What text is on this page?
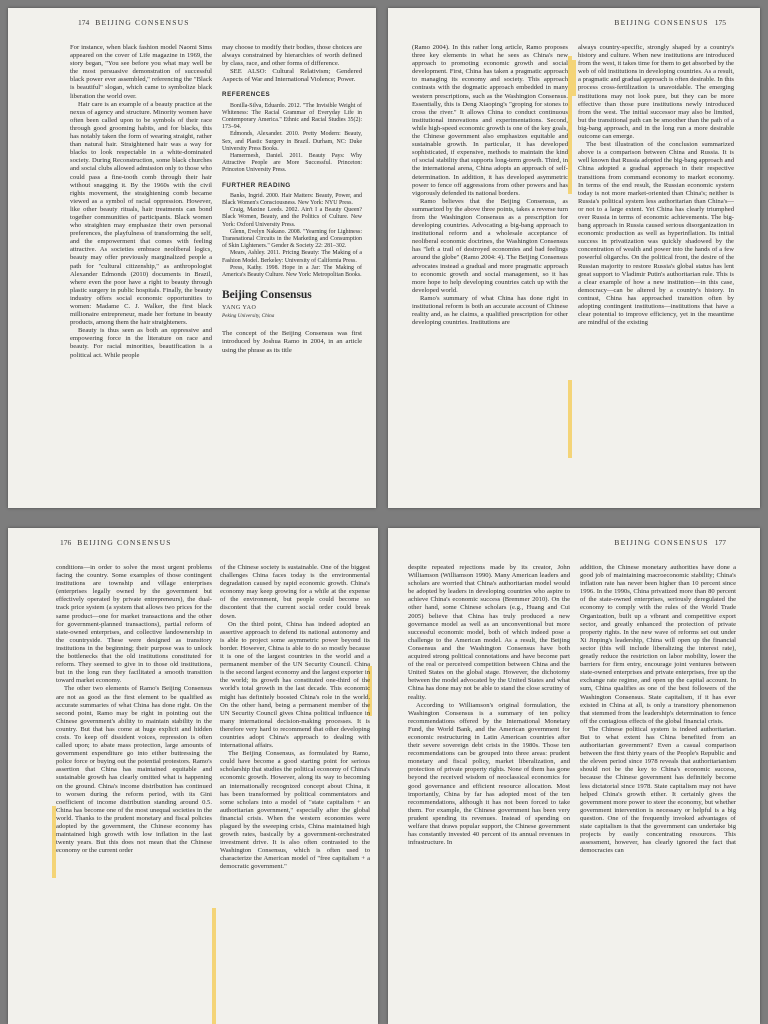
174 BEIJING CONSENSUS

For instance, when black fashion model Naomi Sims appeared on the cover of Life magazine in 1969, the story began, "You see before you what may well be the most persuasive demonstration of successful black power ever assembled," referencing the "Black is beautiful" slogan, which came to symbolize black liberation the world over.

Hair care is an example of a beauty practice at the nexus of agency and structure. Minority women have often been called upon to be symbols of their race through good grooming habits, and for blacks, this has notably taken the form of wearing straight, rather than natural hair. Straightened hair was a way for blacks to look respectable in a white-dominated society. During Reconstruction, some black churches and social clubs allowed admission only to those who could pass a fine-tooth comb through their hair without snagging it. By the 1960s with the civil rights movement, the straightening comb became viewed as a symbol of racial oppression. However, like other beauty rituals, hair treatments can bond together communities of participants. Black women who straighten may emphasize their own personal preferences, the playfulness of transforming the self, and the empowerment that comes with feeling attractive. As societies embrace neoliberal logics, beauty may offer previously marginalized people a path for "cultural citizenship," as anthropologist Alexander Edmonds (2010) documents in Brazil, where even the poor have a right to beauty through plastic surgery in public hospitals. Finally, the beauty industry offers social economic opportunities to women: Madame C. J. Walker, the first black millionaire entrepreneur, made her fortune in beauty products, among them the hair straighteners.

Beauty is thus seen as both an oppressive and empowering force in the literature on race and beauty. For racial minorities, beautification is a political act. While people

may choose to modify their bodies, those choices are always constrained by hierarchies of worth defined by class, race, and other forms of difference.

SEE ALSO: Cultural Relativism; Gendered Aspects of War and International Violence; Power.

REFERENCES

Bonilla-Silva, Eduardo. 2012. "The Invisible Weight of Whiteness: The Racial Grammar of Everyday Life in Contemporary America." Ethnic and Racial Studies 35(2): 173–94.

Edmonds, Alexander. 2010. Pretty Modern: Beauty, Sex, and Plastic Surgery in Brazil. Durham, NC: Duke University Press Books.

Hamermesh, Daniel. 2011. Beauty Pays: Why Attractive People are More Successful. Princeton: Princeton University Press.

FURTHER READING

Banks, Ingrid. 2000. Hair Matters: Beauty, Power, and Black Women's Consciousness. New York: NYU Press.

Craig, Maxine Leeds. 2002. Ain't I a Beauty Queen? Black Women, Beauty, and the Politics of Culture. New York: Oxford University Press.

Glenn, Evelyn Nakano. 2008. "Yearning for Lightness: Transnational Circuits in the Marketing and Consumption of Skin Lighteners." Gender & Society 22: 281–302.

Mears, Ashley. 2011. Pricing Beauty: The Making of a Fashion Model. Berkeley: University of California Press.

Press, Kathy. 1998. Hope in a Jar: The Making of America's Beauty Culture. New York: Metropolitan Books.

Beijing Consensus
YANG YAO
Peking University, China

The concept of the Beijing Consensus was first introduced by Joshua Ramo in 2004, in an article using the phrase as its title

BEIJING CONSENSUS 175

(Ramo 2004). In this rather long article, Ramo proposes three key elements in what he sees as China's new approach to promoting economic growth and social development. First, China has taken a pragmatic approach to managing its economy and society. This approach contrasts with the dogmatic approach embedded in many western prescriptions, such as the Washington Consensus. Essentially, this is Deng Xiaoping's "groping for stones to cross the river." It allows China to conduct continuous institutional innovations and experimentations. Second, while high-speed economic growth is one of the key goals, the Chinese government also emphasizes equitable and sustainable growth. In particular, it has developed sophisticated, if expensive, methods to maintain the kind of social stability that supports long-term growth. Third, in the international arena, China adopts an approach of self-determination. In addition, it has developed asymmetric power to fence off aggressions from other powers and has vigorously defended its national borders.

Ramo believes that the Beijing Consensus, as summarized by the above three points, takes a reverse turn from the Washington Consensus as a prescription for developing countries. Advocating a big-bang approach to institutional reform and a wholesale acceptance of neoliberal economic doctrines, the Washington Consensus has "left a trail of destroyed economies and bad feelings around the globe" (Ramo 2004: 4). The Beijing Consensus advocates instead a gradual and more pragmatic approach to economic growth and social management, so it has more hope to help developing countries catch up with the developed world.

Ramo's summary of what China has done right in institutional reform is both an accurate account of Chinese reality and, as he claims, a qualified prescription for other developing countries. Institutions are

always country-specific, strongly shaped by a country's history and culture. When new institutions are introduced from the west, it takes time for them to get absorbed by the web of old institutions in developing countries. As a result, a pragmatic and gradual approach is often desirable. In this process cross-fertilization is unavoidable. The emerging institutions may not look pure, but they can be more effective than those pure institutions newly introduced from the west. The initial successor may also be limited, but the transitional path can be smoother than the path of a big-bang approach, and in the long run a more desirable outcome can emerge.

The best illustration of the conclusion summarized above is a comparison between China and Russia. It is well known that Russia adopted the big-bang approach and China adopted a gradual approach in their respective transitions from command economy to market economy. In terms of the end result, the Russian economic system today is not more market-oriented than China's; neither is Russia's political system less authoritarian than China's—or not to a large extent. Yet China has clearly triumphed over Russia in terms of economic achievements. The big-bang approach in Russia caused serious disorganization in economic production as well as hyperinflation. Its initial success in privatization was quickly shadowed by the concentration of wealth and power into the hands of a few powerful oligarchs. On the political front, the desire of the Russian majority to restore Russia's global status has lent great support to Vladimir Putin's authoritarian rule. This is a clear example of how a new institution—in this case, democracy—can be altered by a country's history. In contrast, China has approached transition often by adopting contingent institutions—institutions that have a clear potential to improve efficiency, yet in the meantime are mindful of the existing

176 BEIJING CONSENSUS

conditions—in order to solve the most urgent problems facing the country. Some examples of those contingent institutions are township and village enterprises (enterprises legally owned by the government but effectively operated by private entrepreneurs), the dual-track price system (a system that allows two prices for the same product—one for market transactions and the other for government-planned transactions), partial reform of state-owned enterprises, and collective landownership in the countryside. These were designed as transitory institutions in the beginning; their purpose was to unlock the bottlenecks that the old institutions constituted for reform. They seemed to give in to those old institutions, but in the long run they facilitated a smooth transition toward market economy.

The other two elements of Ramo's Beijing Consensus are not as good as the first element to be qualified as accurate summaries of what China has done right. On the second point, Ramo may be right in pointing out the Chinese government's ability to maintain stability in the country. But that has come at huge explicit and hidden costs. To keep off dissident voices, repression is often called upon; to abate mass protection, large amounts of government expenditure go into either buttressing the police force or buying out the potential protestors. Ramo's assertion that China has maintained equitable and sustainable growth has clearly omitted what is happening on the ground. China's income distribution has continued to worsen during the reform period, with its Gini coefficient of income distribution standing around 0.5. China has become one of the most unequal societies in the world. Thanks to the prudent monetary and fiscal policies adopted by the government, the Chinese economy has maintained high growth with low inflation in the last twenty years. But this does not mean that the Chinese economy or the current order

of the Chinese society is sustainable. One of the biggest challenges China faces today is the environmental degradation caused by rapid economic growth. China's economy may keep growing for a while at the expense of the environment, but people could become so discontent that the current social order could break down.

On the third point, China has indeed adopted an assertive approach to defend its national autonomy and is able to project some asymmetric power beyond its border. However, China is able to do so mostly because it is one of the largest countries in the world and a permanent member of the UN Security Council. China is the second largest economy and the largest exporter in the world; its growth has constituted one-third of the world's total growth in the last decade. This economic might has definitely boosted China's role in the world. On the other hand, being a permanent member of the UN Security Council gives China political influence in many international decision-making processes. It is therefore very hard to recommend that other developing countries adopt China's approach to dealing with international affairs.

The Beijing Consensus, as formulated by Ramo, could have become a good starting point for serious scholarship that studies the political economy of China's economic growth. However, along its way to becoming an internationally recognized concept about China, it has been transformed by political commentators and some scholars into a model of "state capitalism + an authoritarian government," especially after the global financial crisis. When the western economies were plagued by the sweeping crisis, China maintained high growth rates, basically by a government-orchestrated investment drive. It is also often contrasted to the Washington Consensus, which is often used to characterize the American model of "free capitalism + a democratic government."

BEIJING CONSENSUS 177

despite repeated rejections made by its creator, John Williamson (Williamson 1990). Many American leaders and scholars are worried that China's authoritarian model would be adopted by leaders in developing countries who aspire to achieve China's economic success (Bremmer 2010). On the other hand, some Chinese scholars (e.g., Huang and Cui 2005) believe that China has truly produced a new governance model as well as an unconventional but more successful economic model, both of which indeed pose a challenge to the American model. As a result, the Beijing Consensus and the Washington Consensus have both acquired strong political connotations and have become part of the real or perceived competition between China and the United States on the global stage. However, the dichotomy between the model advocated by the United States and what China has done may not be able to stand the close scrutiny of reality.

According to Williamson's original formulation, the Washington Consensus is a summary of ten policy recommendations offered by the International Monetary Fund, the World Bank, and the American government for economic restructuring in Latin American countries after their severe sovereign debt crisis in the 1980s. Those ten recommendations can be grouped into three areas: prudent monetary and fiscal policy, market liberalization, and protection of private property rights. None of them has gone beyond the received wisdom of neoclassical economics for good governance and efficient resource allocation. Most importantly, China by far has adopted most of the ten recommendations, although it has not been forced to take them. For example, the Chinese government has been very prudent spending its revenues. Instead of spending on welfare that draws popular support, the Chinese government has constantly invested 40 percent of its annual revenues in infrastructure. In

addition, the Chinese monetary authorities have done a good job of maintaining macroeconomic stability; China's inflation rate has never been higher than 10 percent since 1996. In the 1990s, China privatized more than 80 percent of the state-owned enterprises, seriously deregulated the economy to comply with the rules of the World Trade Organization, built up a vibrant and competitive export sector, and greatly enhanced the protection of private property rights. In the new wave of reforms set out under Xi Jinping's leadership, China will open up the financial sector (this will include liberalizing the interest rate), greatly reduce the restriction on labor mobility, lower the barriers for firm entry, encourage joint ventures between state-owned enterprises and private enterprises, free up the exchange rate regime, and open up the capital account. In sum, China qualifies as one of the best followers of the Washington Consensus. State capitalism, if it has ever existed in China at all, is only a transitory phenomenon that stemmed from the leadership's determination to fence off the contagious effects of the global financial crisis.

The Chinese political system is indeed authoritarian. But to what extent has China benefited from an authoritarian government? Even a casual comparison between the first thirty years of the People's Republic and the eleven period since 1978 reveals that authoritarianism should not be the key to China's economic success, because the Chinese government has definitely become less dictatorial since 1978. State capitalism may not have helped China's growth either. It certainly gives the government more power to steer the economy, but whether government intervention is necessary or helpful is a big question. One of the frequently invoked advantages of state capitalism is that the government can undertake big projects by easily concentrating resources. This assessment, however, has clearly ignored the fact that democracies can
